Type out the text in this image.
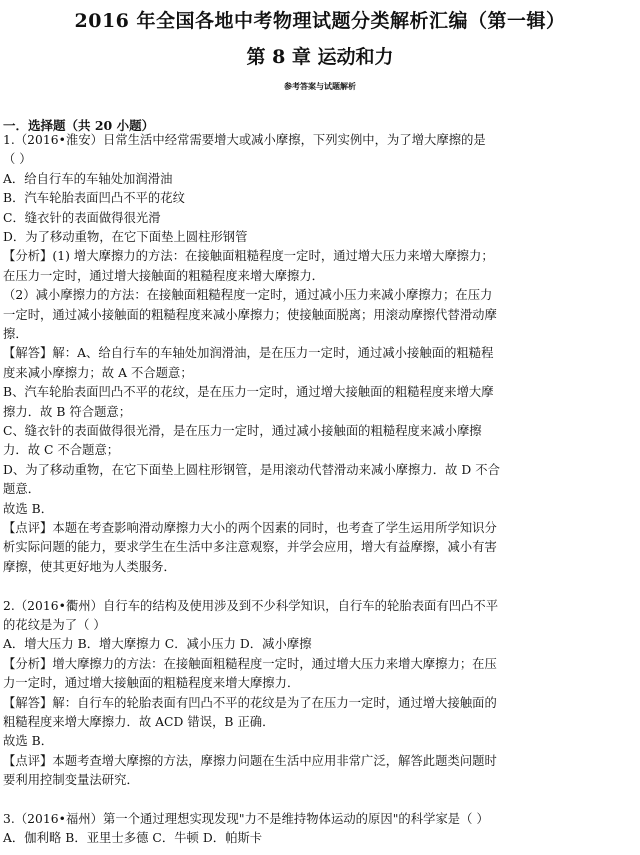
2016 年全国各地中考物理试题分类解析汇编（第一辑）
第 8 章 运动和力
参考答案与试题解析
一．选择题（共 20 小题）
1.（2016•淮安）日常生活中经常需要增大或减小摩擦，下列实例中，为了增大摩擦的是
（ ）
A．给自行车的车轴处加润滑油
B．汽车轮胎表面凹凸不平的花纹
C．缝衣针的表面做得很光滑
D．为了移动重物，在它下面垫上圆柱形钢管
【分析】(1) 增大摩擦力的方法：在接触面粗糙程度一定时，通过增大压力来增大摩擦力；
在压力一定时，通过增大接触面的粗糙程度来增大摩擦力．
（2）减小摩擦力的方法：在接触面粗糙程度一定时，通过减小压力来减小摩擦力；在压力
一定时，通过减小接触面的粗糙程度来减小摩擦力；使接触面脱离；用滚动摩擦代替滑动摩
擦．
【解答】解：A、给自行车的车轴处加润滑油，是在压力一定时，通过减小接触面的粗糙程
度来减小摩擦力；故 A 不合题意；
B、汽车轮胎表面凹凸不平的花纹，是在压力一定时，通过增大接触面的粗糙程度来增大摩
擦力．故 B 符合题意；
C、缝衣针的表面做得很光滑，是在压力一定时，通过减小接触面的粗糙程度来减小摩擦
力．故 C 不合题意；
D、为了移动重物，在它下面垫上圆柱形钢管，是用滚动代替滑动来减小摩擦力．故 D 不合
题意．
故选 B．
【点评】本题在考查影响滑动摩擦力大小的两个因素的同时，也考查了学生运用所学知识分
析实际问题的能力，要求学生在生活中多注意观察，并学会应用，增大有益摩擦，减小有害
摩擦，使其更好地为人类服务．
2.（2016•衢州）自行车的结构及使用涉及到不少科学知识，自行车的轮胎表面有凹凸不平
的花纹是为了（ ）
A．增大压力 B．增大摩擦力 C．减小压力 D．减小摩擦
【分析】增大摩擦力的方法：在接触面粗糙程度一定时，通过增大压力来增大摩擦力；在压
力一定时，通过增大接触面的粗糙程度来增大摩擦力．
【解答】解：自行车的轮胎表面有凹凸不平的花纹是为了在压力一定时，通过增大接触面的
粗糙程度来增大摩擦力．故 ACD 错误，B 正确．
故选 B．
【点评】本题考查增大摩擦的方法，摩擦力问题在生活中应用非常广泛，解答此题类问题时
要利用控制变量法研究．
3.（2016•福州）第一个通过理想实现发现"力不是维持物体运动的原因"的科学家是（ ）
A．伽利略 B．亚里士多德 C．牛顿 D．帕斯卡
